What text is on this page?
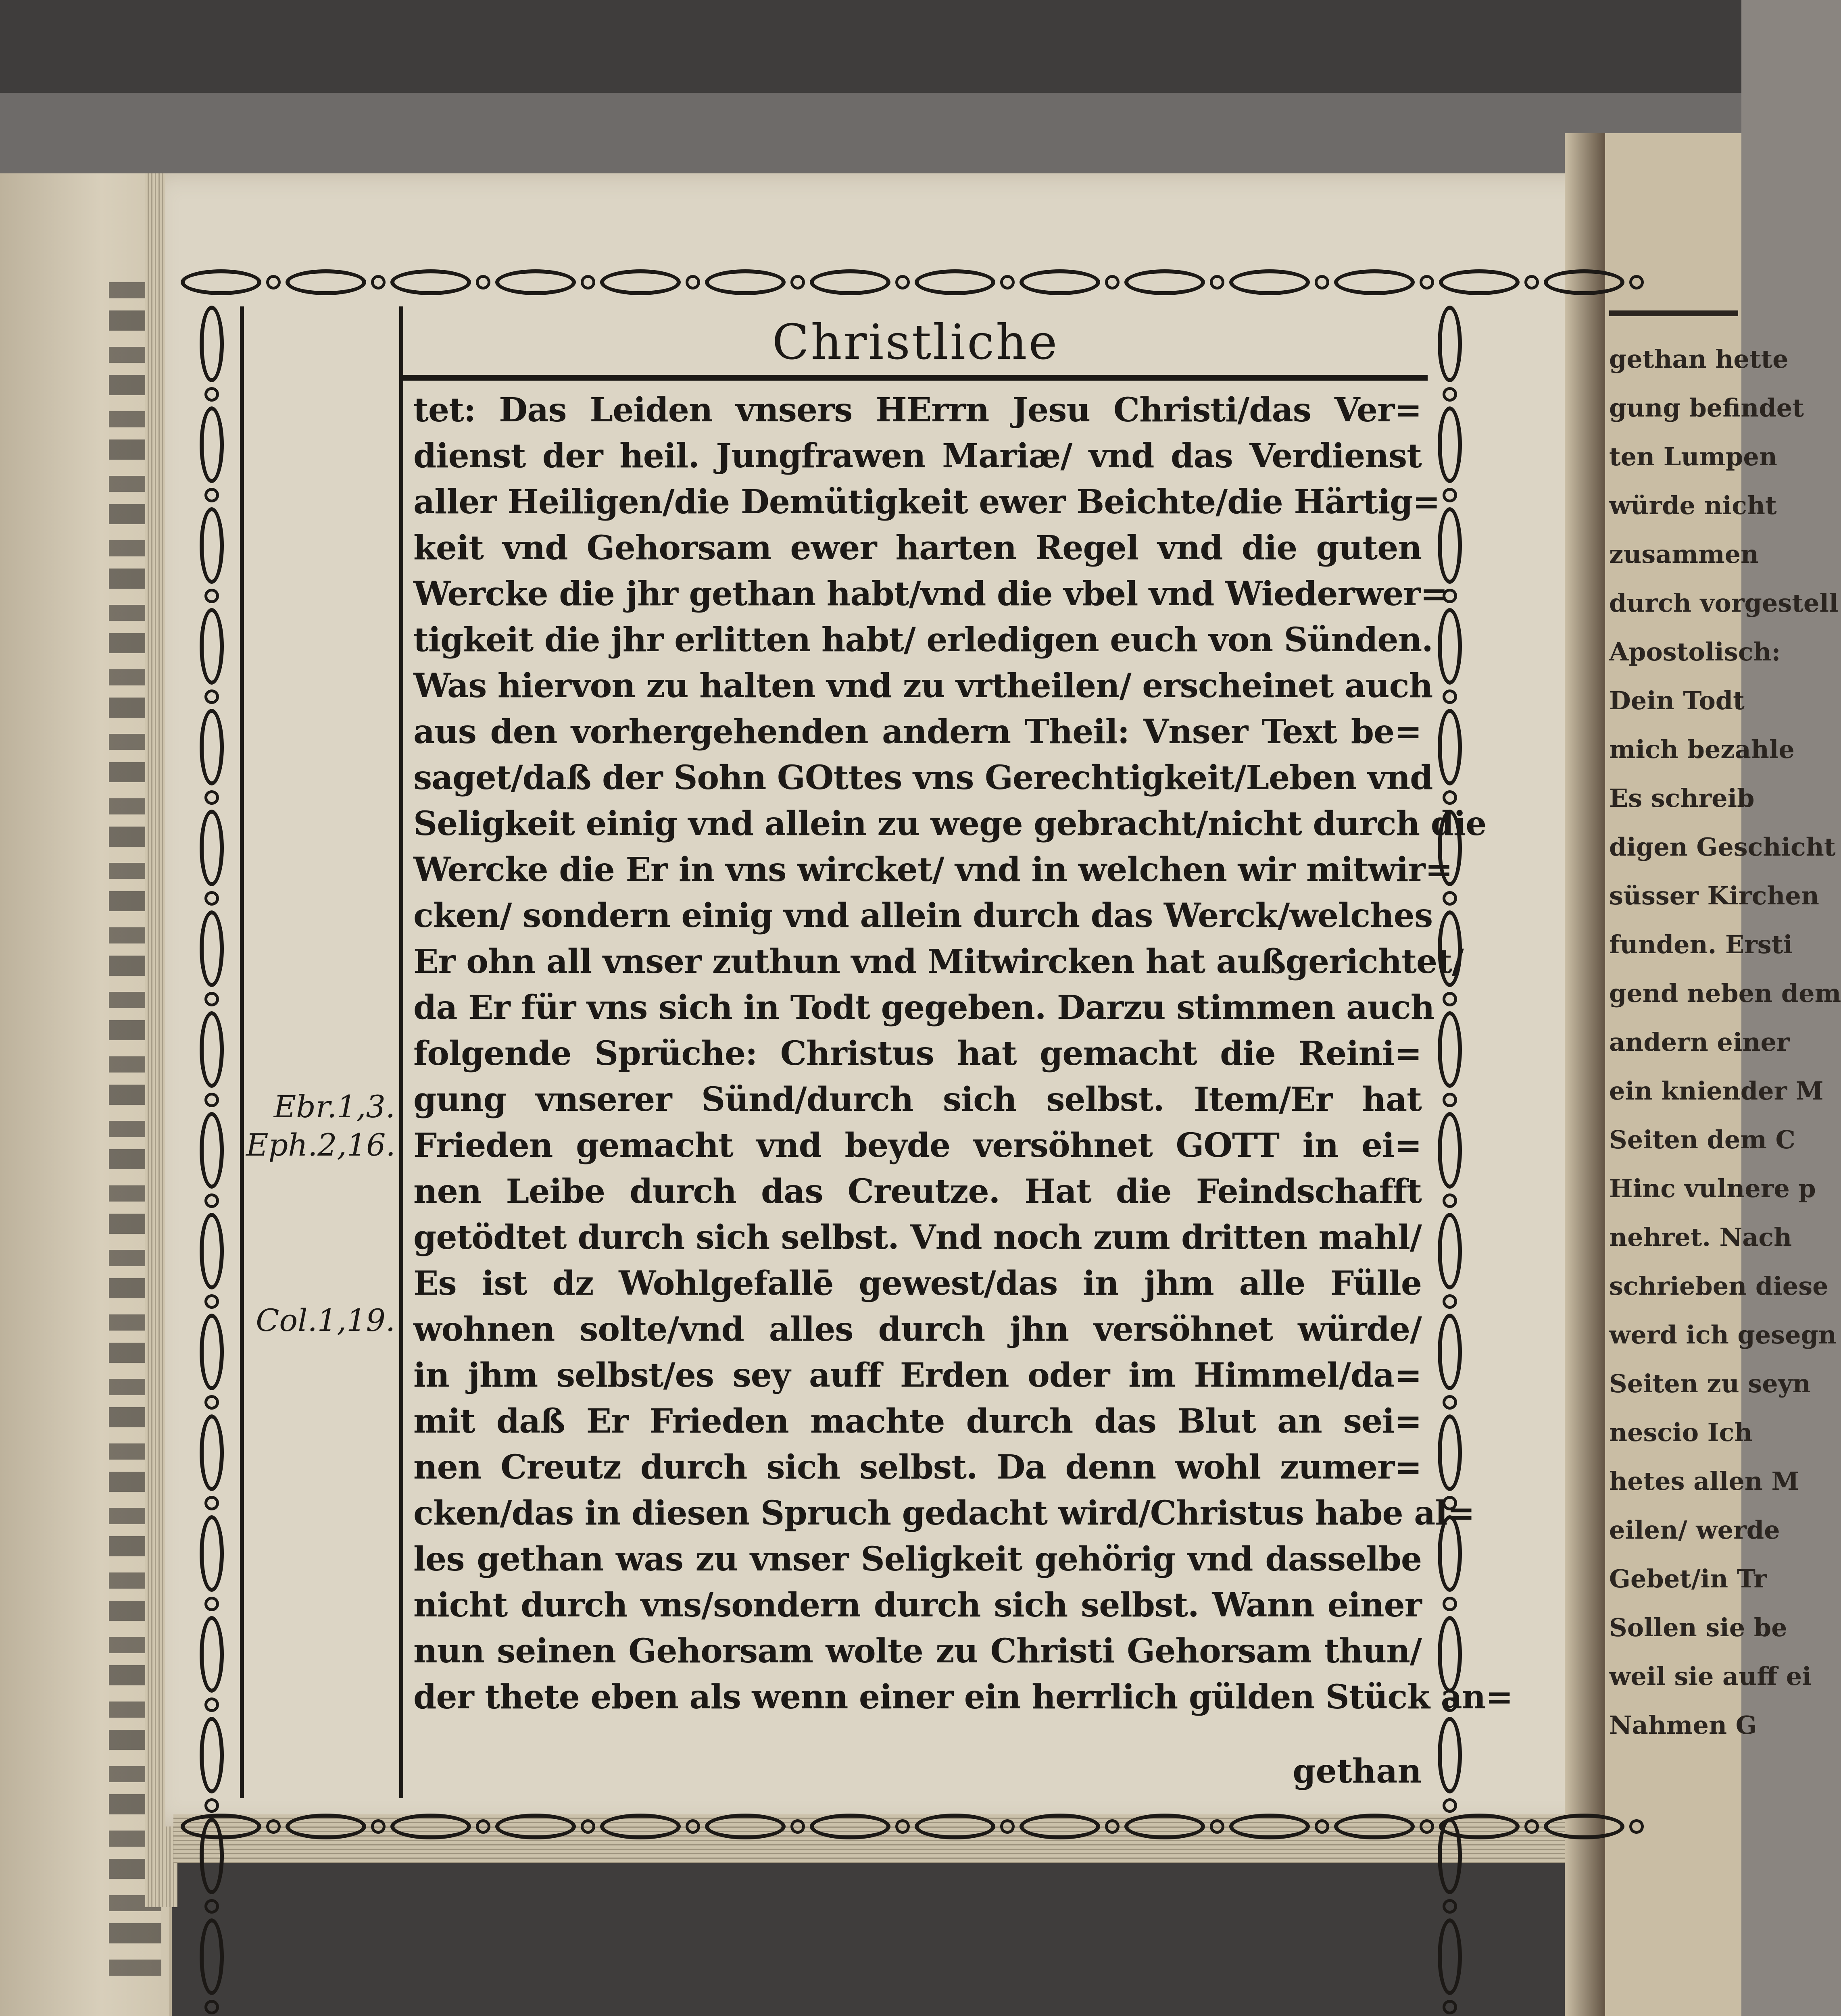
gethan hette
gung befindet
ten Lumpen
würde nicht
zusammen
durch vorgestell
Apostolisch:
Dein Todt
mich bezahle
Es schreib
digen Geschicht
süsser Kirchen
funden. Ersti
gend neben dem
andern einer
ein kniender M
Seiten dem C
Hinc vulnere p
nehret. Nach
schrieben diese
werd ich gesegn
Seiten zu seyn
nescio Ich
hetes allen M
eilen/ werde
Gebet/in Tr
Sollen sie be
weil sie auff ei
Nahmen G
Christliche
Ebr.1,3.
Eph.2,16.
Col.1,19.
tet: Das Leiden vnsers HErrn Jesu Christi/das Ver=
dienst der heil. Jungfrawen Mariæ/ vnd das Verdienst
aller Heiligen/die Demütigkeit ewer Beichte/die Härtig=
keit vnd Gehorsam ewer harten Regel vnd die guten
Wercke die jhr gethan habt/vnd die vbel vnd Wiederwer=
tigkeit die jhr erlitten habt/ erledigen euch von Sünden.
Was hiervon zu halten vnd zu vrtheilen/ erscheinet auch
aus den vorhergehenden andern Theil: Vnser Text be=
saget/daß der Sohn GOttes vns Gerechtigkeit/Leben vnd
Seligkeit einig vnd allein zu wege gebracht/nicht durch die
Wercke die Er in vns wircket/ vnd in welchen wir mitwir=
cken/ sondern einig vnd allein durch das Werck/welches
Er ohn all vnser zuthun vnd Mitwircken hat außgerichtet/
da Er für vns sich in Todt gegeben. Darzu stimmen auch
folgende Sprüche: Christus hat gemacht die Reini=
gung vnserer Sünd/durch sich selbst. Item/Er hat
Frieden gemacht vnd beyde versöhnet GOTT in ei=
nen Leibe durch das Creutze. Hat die Feindschafft
getödtet durch sich selbst. Vnd noch zum dritten mahl/
Es ist dz Wohlgefallē gewest/das in jhm alle Fülle
wohnen solte/vnd alles durch jhn versöhnet würde/
in jhm selbst/es sey auff Erden oder im Himmel/da=
mit daß Er Frieden machte durch das Blut an sei=
nen Creutz durch sich selbst. Da denn wohl zumer=
cken/das in diesen Spruch gedacht wird/Christus habe al=
les gethan was zu vnser Seligkeit gehörig vnd dasselbe
nicht durch vns/sondern durch sich selbst. Wann einer
nun seinen Gehorsam wolte zu Christi Gehorsam thun/
der thete eben als wenn einer ein herrlich gülden Stück an=
gethan
